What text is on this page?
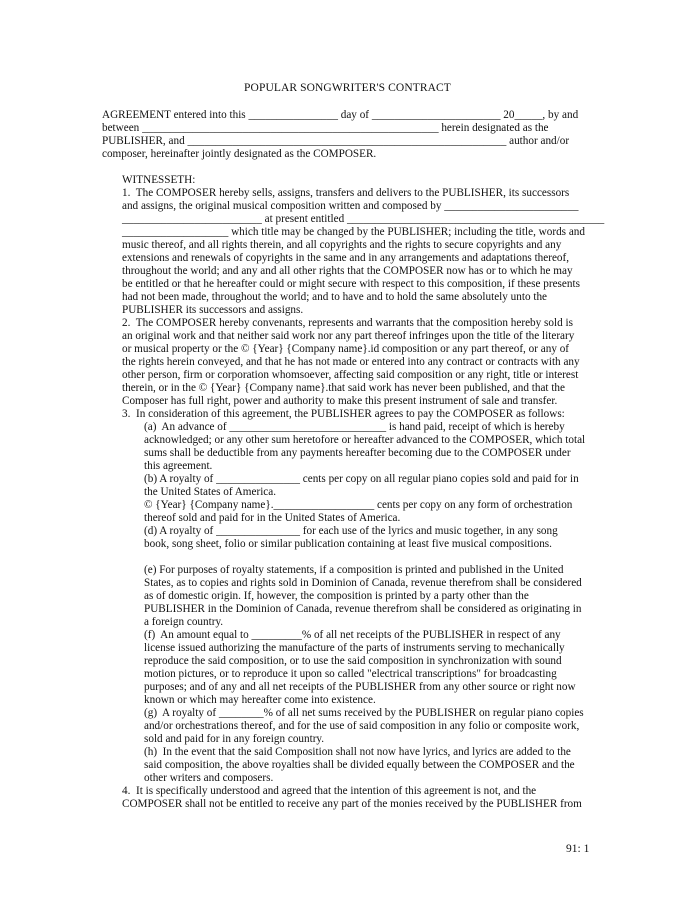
POPULAR SONGWRITER'S CONTRACT
AGREEMENT entered into this ________________ day of _______________________ 20_____, by and
between _____________________________________________________ herein designated as the
PUBLISHER, and _________________________________________________________ author and/or
composer, hereinafter jointly designated as the COMPOSER.
WITNESSETH:
1.  The COMPOSER hereby sells, assigns, transfers and delivers to the PUBLISHER, its successors
and assigns, the original musical composition written and composed by ________________________
_________________________ at present entitled ______________________________________________
___________________ which title may be changed by the PUBLISHER; including the title, words and
music thereof, and all rights therein, and all copyrights and the rights to secure copyrights and any
extensions and renewals of copyrights in the same and in any arrangements and adaptations thereof,
throughout the world; and any and all other rights that the COMPOSER now has or to which he may
be entitled or that he hereafter could or might secure with respect to this composition, if these presents
had not been made, throughout the world; and to have and to hold the same absolutely unto the
PUBLISHER its successors and assigns.
2.  The COMPOSER hereby convenants, represents and warrants that the composition hereby sold is
an original work and that neither said work nor any part thereof infringes upon the title of the literary
or musical property or the © {Year} {Company name}.id composition or any part thereof, or any of
the rights herein conveyed, and that he has not made or entered into any contract or contracts with any
other person, firm or corporation whomsoever, affecting said composition or any right, title or interest
therein, or in the © {Year} {Company name}.that said work has never been published, and that the
Composer has full right, power and authority to make this present instrument of sale and transfer.
3.  In consideration of this agreement, the PUBLISHER agrees to pay the COMPOSER as follows:
(a)  An advance of ____________________________ is hand paid, receipt of which is hereby
acknowledged; or any other sum heretofore or hereafter advanced to the COMPOSER, which total
sums shall be deductible from any payments hereafter becoming due to the COMPOSER under
this agreement.
(b) A royalty of _______________ cents per copy on all regular piano copies sold and paid for in
the United States of America.
© {Year} {Company name}.__________________ cents per copy on any form of orchestration
thereof sold and paid for in the United States of America.
(d) A royalty of _______________ for each use of the lyrics and music together, in any song
book, song sheet, folio or similar publication containing at least five musical compositions.
(e) For purposes of royalty statements, if a composition is printed and published in the United
States, as to copies and rights sold in Dominion of Canada, revenue therefrom shall be considered
as of domestic origin. If, however, the composition is printed by a party other than the
PUBLISHER in the Dominion of Canada, revenue therefrom shall be considered as originating in
a foreign country.
(f)  An amount equal to _________% of all net receipts of the PUBLISHER in respect of any
license issued authorizing the manufacture of the parts of instruments serving to mechanically
reproduce the said composition, or to use the said composition in synchronization with sound
motion pictures, or to reproduce it upon so called "electrical transcriptions" for broadcasting
purposes; and of any and all net receipts of the PUBLISHER from any other source or right now
known or which may hereafter come into existence.
(g)  A royalty of ________% of all net sums received by the PUBLISHER on regular piano copies
and/or orchestrations thereof, and for the use of said composition in any folio or composite work,
sold and paid for in any foreign country.
(h)  In the event that the said Composition shall not now have lyrics, and lyrics are added to the
said composition, the above royalties shall be divided equally between the COMPOSER and the
other writers and composers.
4.  It is specifically understood and agreed that the intention of this agreement is not, and the
COMPOSER shall not be entitled to receive any part of the monies received by the PUBLISHER from
91: 1
